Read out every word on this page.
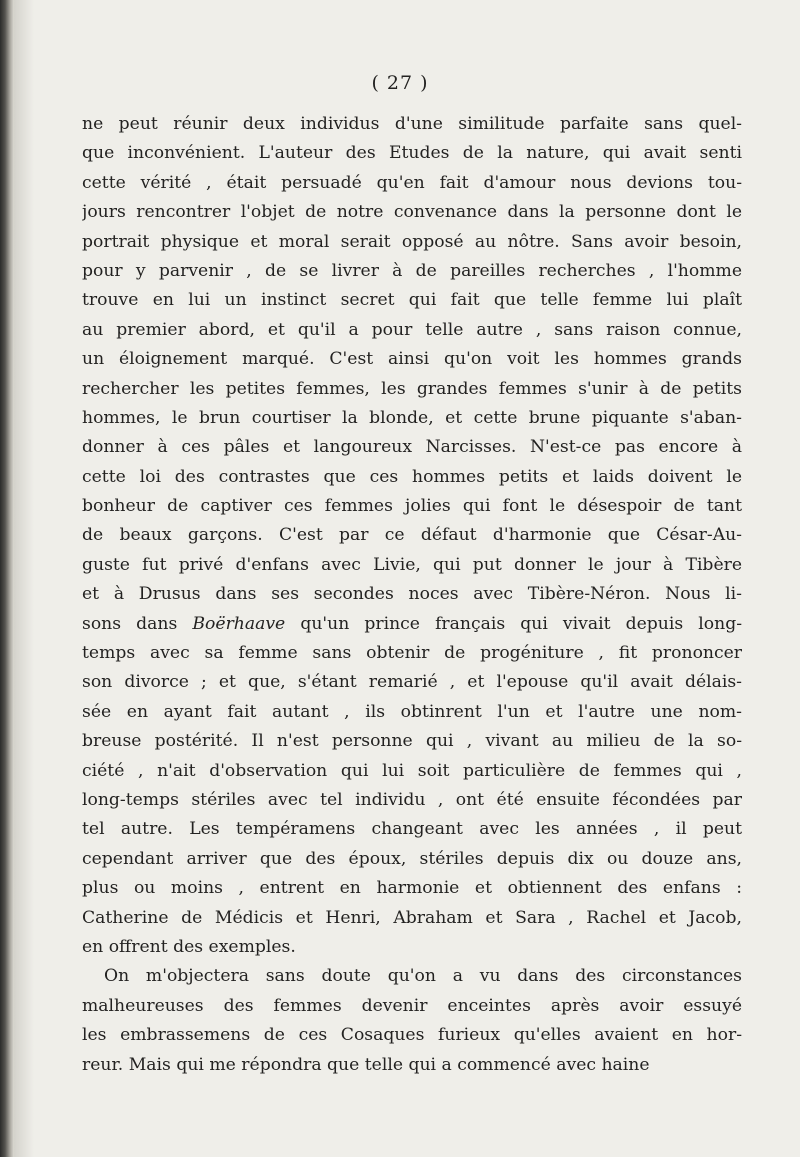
( 27 )
ne peut réunir deux individus d'une similitude parfaite sans quel-
que inconvénient. L'auteur des Etudes de la nature, qui avait senti
cette vérité , était persuadé qu'en fait d'amour nous devions tou-
jours rencontrer l'objet de notre convenance dans la personne dont le
portrait physique et moral serait opposé au nôtre. Sans avoir besoin,
pour y parvenir , de se livrer à de pareilles recherches , l'homme
trouve en lui un instinct secret qui fait que telle femme lui plaît
au premier abord, et qu'il a pour telle autre , sans raison connue,
un éloignement marqué. C'est ainsi qu'on voit les hommes grands
rechercher les petites femmes, les grandes femmes s'unir à de petits
hommes, le brun courtiser la blonde, et cette brune piquante s'aban-
donner à ces pâles et langoureux Narcisses. N'est-ce pas encore à
cette loi des contrastes que ces hommes petits et laids doivent le
bonheur de captiver ces femmes jolies qui font le désespoir de tant
de beaux garçons. C'est par ce défaut d'harmonie que César-Au-
guste fut privé d'enfans avec Livie, qui put donner le jour à Tibère
et à Drusus dans ses secondes noces avec Tibère-Néron. Nous li-
sons dans Boërhaave qu'un prince français qui vivait depuis long-
temps avec sa femme sans obtenir de progéniture , fit prononcer
son divorce ; et que, s'étant remarié , et l'epouse qu'il avait délais-
sée en ayant fait autant , ils obtinrent l'un et l'autre une nom-
breuse postérité. Il n'est personne qui , vivant au milieu de la so-
ciété , n'ait d'observation qui lui soit particulière de femmes qui ,
long-temps stériles avec tel individu , ont été ensuite fécondées par
tel autre. Les tempéramens changeant avec les années , il peut
cependant arriver que des époux, stériles depuis dix ou douze ans,
plus ou moins , entrent en harmonie et obtiennent des enfans :
Catherine de Médicis et Henri, Abraham et Sara , Rachel et Jacob,
en offrent des exemples.
On m'objectera sans doute qu'on a vu dans des circonstances
malheureuses des femmes devenir enceintes après avoir essuyé
les embrassemens de ces Cosaques furieux qu'elles avaient en hor-
reur. Mais qui me répondra que telle qui a commencé avec haine
